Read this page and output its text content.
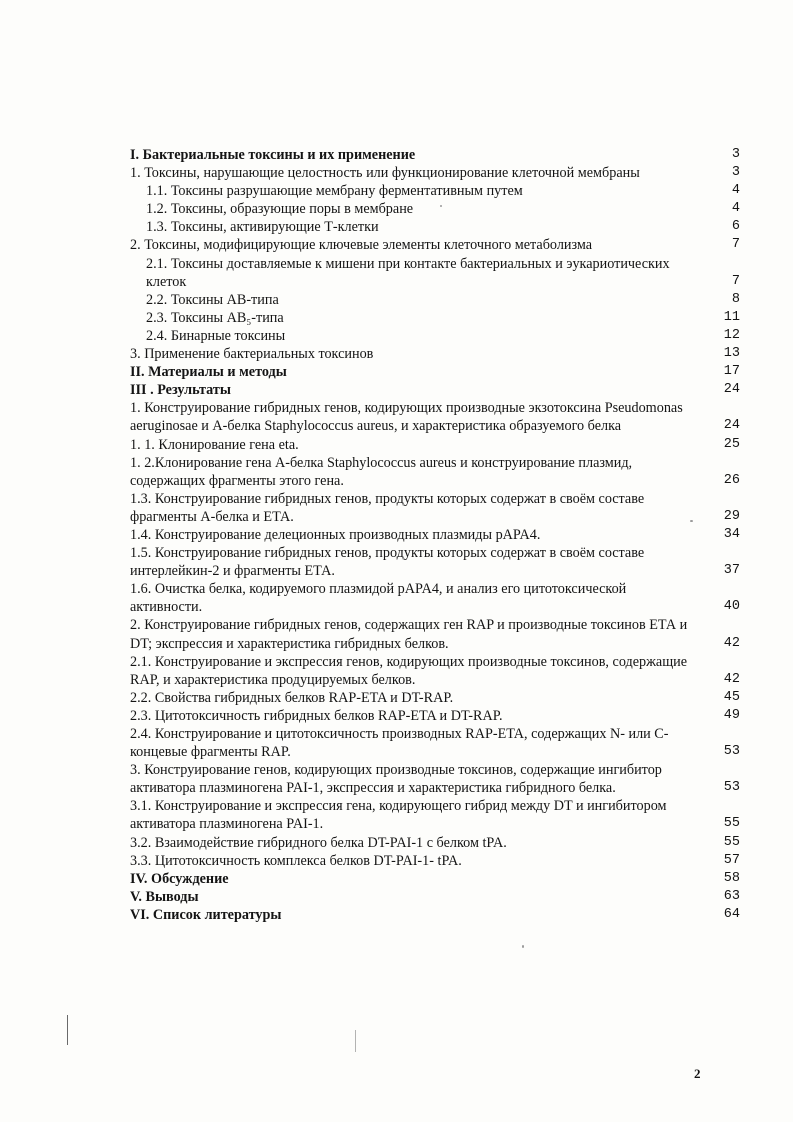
I. Бактериальные токсины и их применение	3
1. Токсины, нарушающие целостность или функционирование клеточной мембраны	3
1.1. Токсины разрушающие мембрану ферментативным путем	4
1.2. Токсины, образующие поры в мембране	4
1.3. Токсины, активирующие Т-клетки	6
2. Токсины, модифицирующие ключевые элементы клеточного метаболизма	7
2.1. Токсины доставляемые к мишени при контакте бактериальных и эукариотических клеток	7
2.2. Токсины АВ-типа	8
2.3. Токсины АВ₅-типа	11
2.4. Бинарные токсины	12
3. Применение бактериальных токсинов	13
II. Материалы и методы	17
III . Результаты	24
1. Конструирование гибридных генов, кодирующих производные экзотоксина Pseudomonas aeruginosae и А-белка Staphylococcus aureus, и характеристика образуемого белка	24
1. 1. Клонирование гена eta.	25
1. 2.Клонирование гена А-белка Staphylococcus aureus и конструирование плазмид, содержащих фрагменты этого гена.	26
1.3. Конструирование гибридных генов, продукты которых содержат в своём составе фрагменты А-белка и ЕТА.	29
1.4. Конструирование делеционных производных плазмиды pAPA4.	34
1.5. Конструирование гибридных генов, продукты которых содержат в своём составе интерлейкин-2 и фрагменты ЕТА.	37
1.6. Очистка белка, кодируемого плазмидой pAPA4, и анализ его цитотоксической активности.	40
2. Конструирование гибридных генов, содержащих ген RAP и производные токсинов ЕТА и DT; экспрессия и характеристика гибридных белков.	42
2.1. Конструирование и экспрессия генов, кодирующих производные токсинов, содержащие RAP, и характеристика продуцируемых белков.	42
2.2. Свойства гибридных белков RAP-ETA и DT-RAP.	45
2.3. Цитотоксичность гибридных белков RAP-ETA и DT-RAP.	49
2.4. Конструирование и цитотоксичность производных RAP-ETA, содержащих N- или С-концевые фрагменты RAP.	53
3. Конструирование генов, кодирующих производные токсинов, содержащие ингибитор активатора плазминогена PAI-1, экспрессия и характеристика гибридного белка.	53
3.1. Конструирование и экспрессия гена, кодирующего гибрид между DT и ингибитором активатора плазминогена PAI-1.	55
3.2. Взаимодействие гибридного белка DT-PAI-1 с белком tPA.	55
3.3. Цитотоксичность комплекса белков DT-PAI-1- tPA.	57
IV. Обсуждение	58
V. Выводы	63
VI. Список литературы	64
2
